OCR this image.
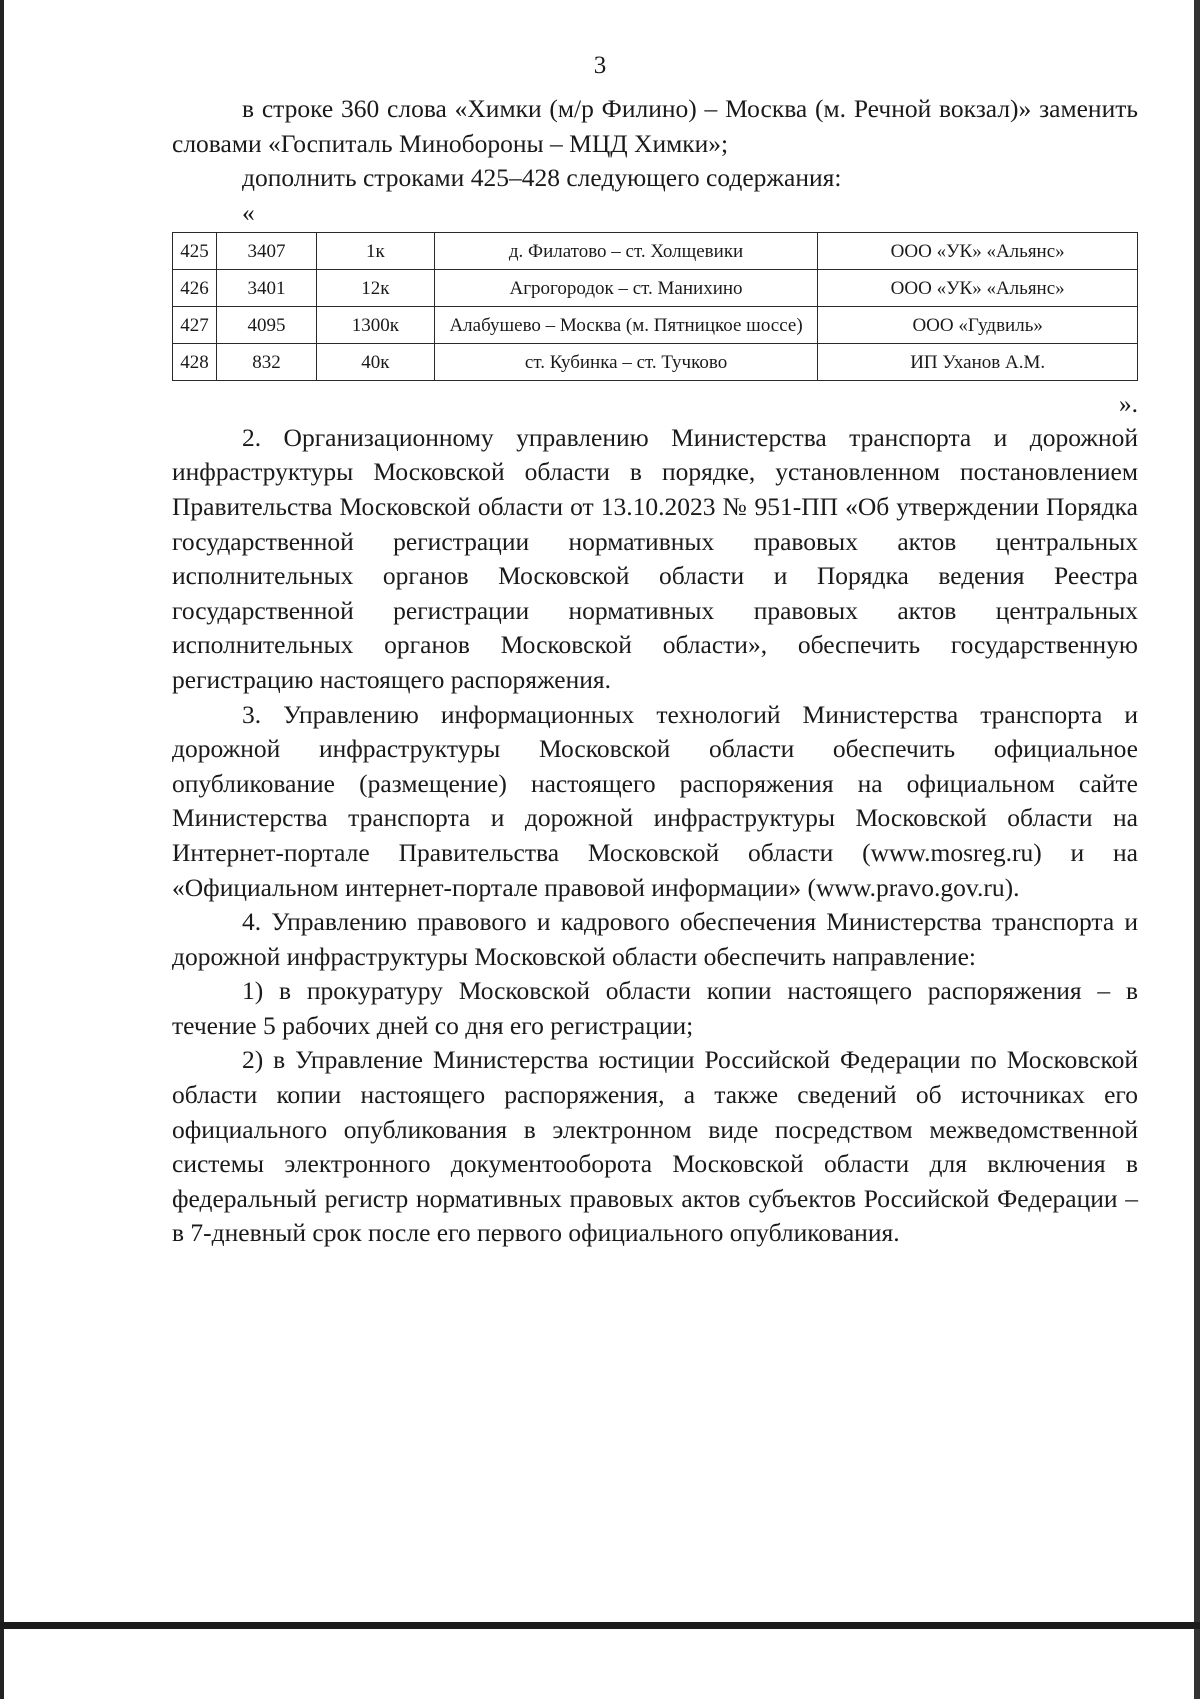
3

в строке 360 слова «Химки (м/р Филино) – Москва (м. Речной вокзал)» заменить словами «Госпиталь Минобороны – МЦД Химки»;

дополнить строками 425–428 следующего содержания:

«

425	3407	1к	д. Филатово – ст. Холщевики	ООО «УК» «Альянс»
426	3401	12к	Агрогородок – ст. Манихино	ООО «УК» «Альянс»
427	4095	1300к	Алабушево – Москва (м. Пятницкое шоссе)	ООО «Гудвиль»
428	832	40к	ст. Кубинка – ст. Тучково	ИП Уханов А.М.

».

2. Организационному управлению Министерства транспорта и дорожной инфраструктуры Московской области в порядке, установленном постановлением Правительства Московской области от 13.10.2023 № 951-ПП «Об утверждении Порядка государственной регистрации нормативных правовых актов центральных исполнительных органов Московской области и Порядка ведения Реестра государственной регистрации нормативных правовых актов центральных исполнительных органов Московской области», обеспечить государственную регистрацию настоящего распоряжения.

3. Управлению информационных технологий Министерства транспорта и дорожной инфраструктуры Московской области обеспечить официальное опубликование (размещение) настоящего распоряжения на официальном сайте Министерства транспорта и дорожной инфраструктуры Московской области на Интернет-портале Правительства Московской области (www.mosreg.ru) и на «Официальном интернет-портале правовой информации» (www.pravo.gov.ru).

4. Управлению правового и кадрового обеспечения Министерства транспорта и дорожной инфраструктуры Московской области обеспечить направление:

1) в прокуратуру Московской области копии настоящего распоряжения – в течение 5 рабочих дней со дня его регистрации;

2) в Управление Министерства юстиции Российской Федерации по Московской области копии настоящего распоряжения, а также сведений об источниках его официального опубликования в электронном виде посредством межведомственной системы электронного документооборота Московской области для включения в федеральный регистр нормативных правовых актов субъектов Российской Федерации – в 7-дневный срок после его первого официального опубликования.
